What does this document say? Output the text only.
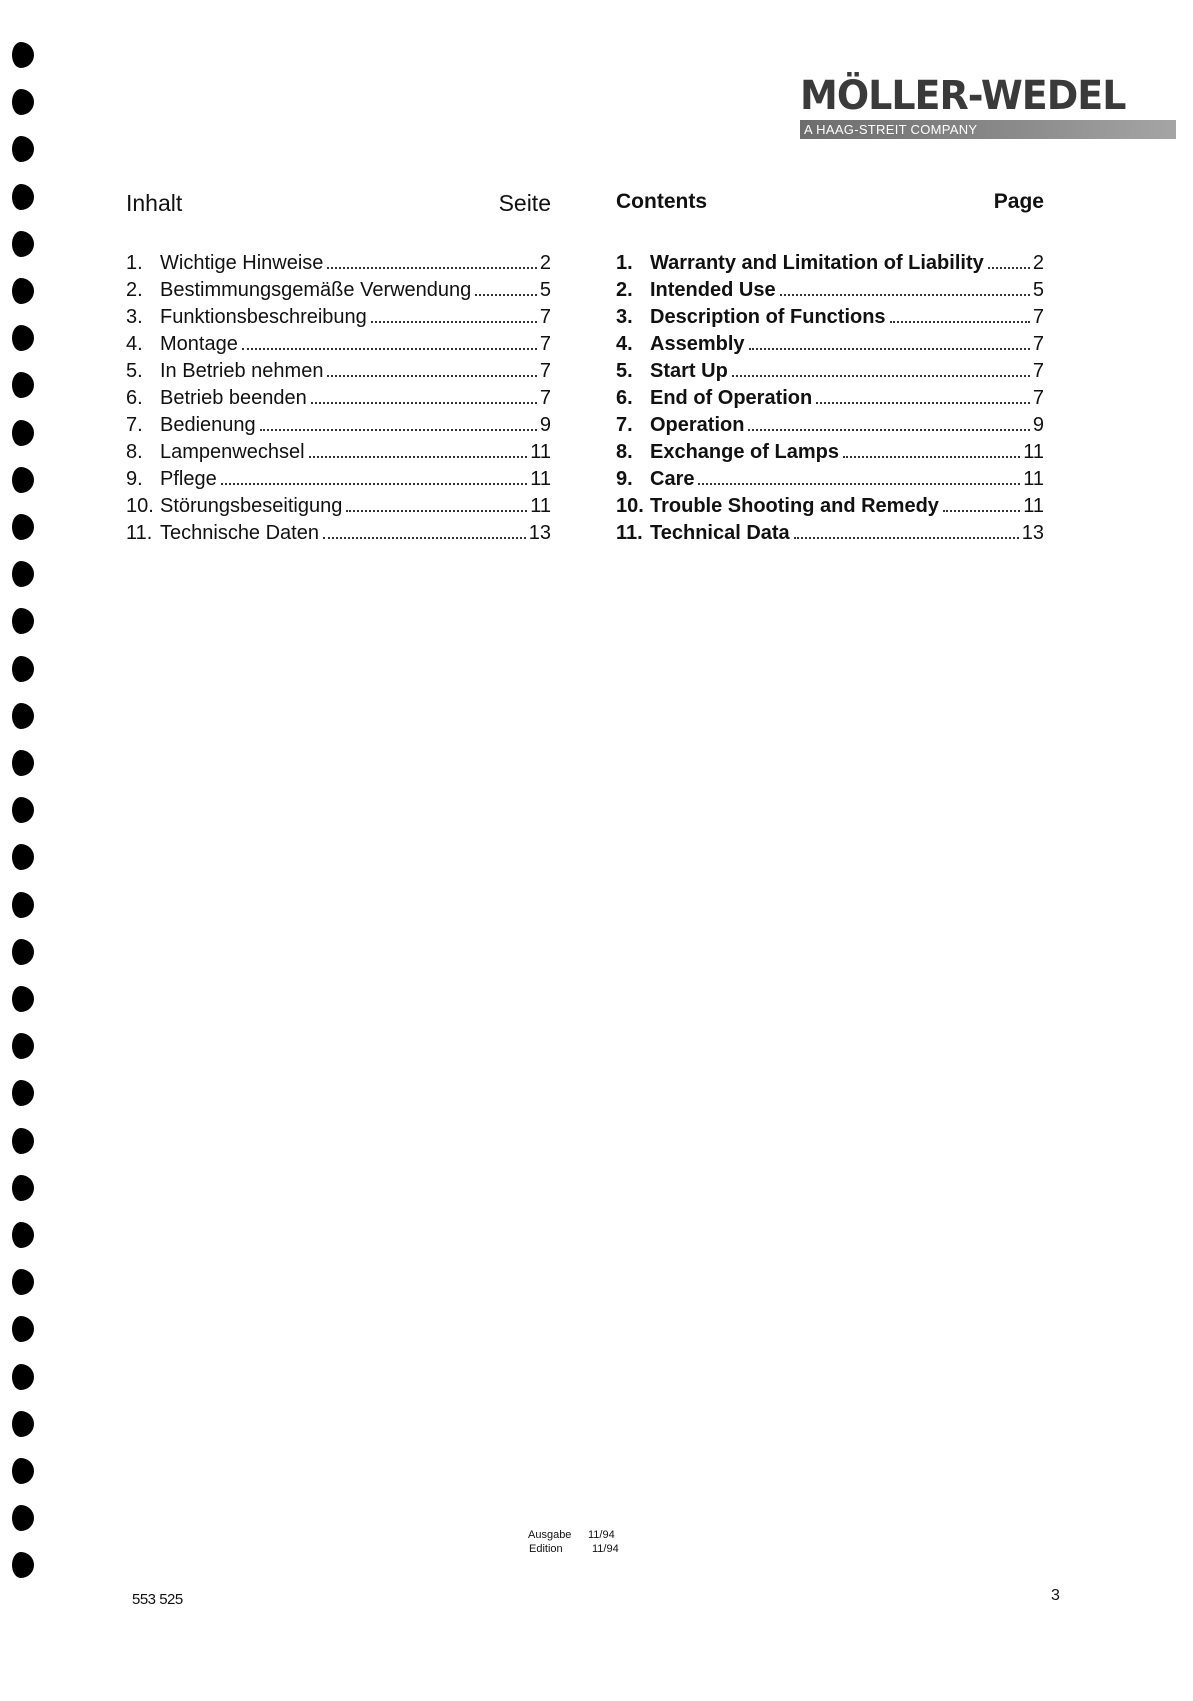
MÖLLER-WEDEL
A HAAG-STREIT COMPANY
Inhalt	Seite
1. Wichtige Hinweise	2
2. Bestimmungsgemäße Verwendung	5
3. Funktionsbeschreibung	7
4. Montage	7
5. In Betrieb nehmen	7
6. Betrieb beenden	7
7. Bedienung	9
8. Lampenwechsel	11
9. Pflege	11
10. Störungsbeseitigung	11
11. Technische Daten	13
Contents	Page
1. Warranty and Limitation of Liability 2
2. Intended Use	5
3. Description of Functions	7
4. Assembly	7
5. Start Up	7
6. End of Operation	7
7. Operation	9
8. Exchange of Lamps	11
9. Care	11
10. Trouble Shooting and Remedy	11
11. Technical Data	13
Ausgabe	11/94
Edition	11/94
553 525	3
